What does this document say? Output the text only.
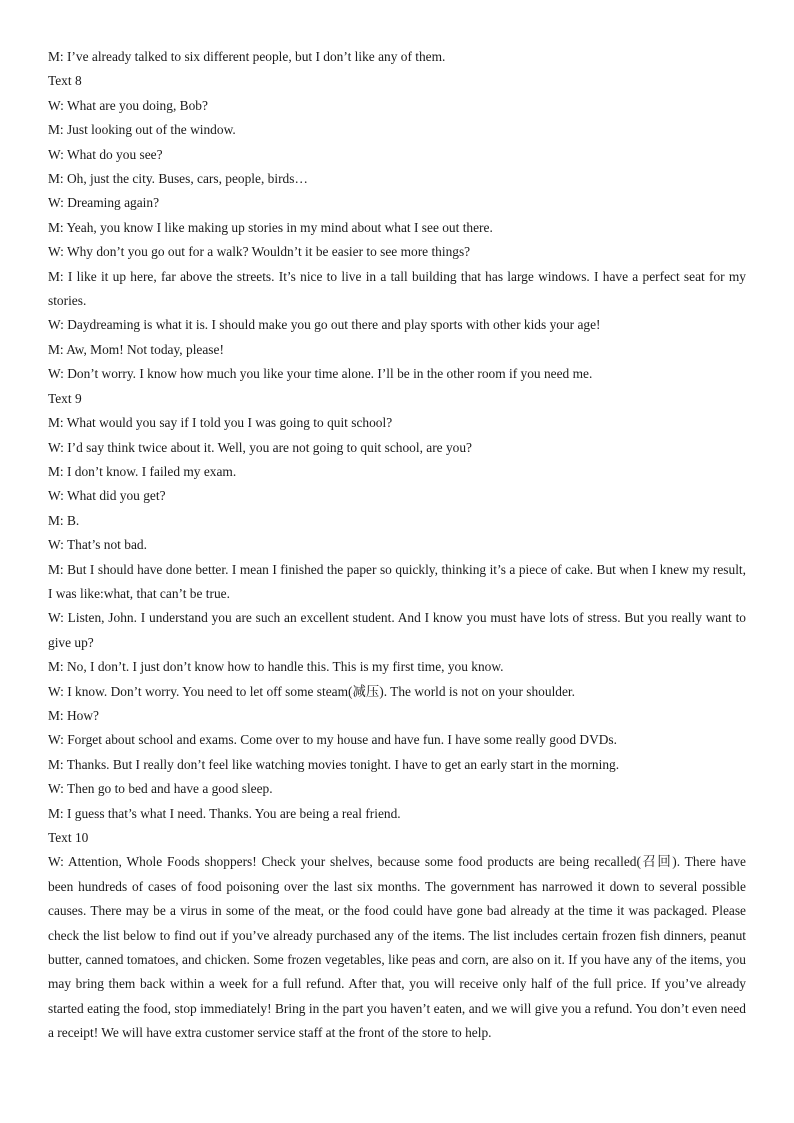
M: I’ve already talked to six different people, but I don’t like any of them.
Text 8
W: What are you doing, Bob?
M: Just looking out of the window.
W: What do you see?
M: Oh, just the city. Buses, cars, people, birds…
W: Dreaming again?
M: Yeah, you know I like making up stories in my mind about what I see out there.
W: Why don’t you go out for a walk? Wouldn’t it be easier to see more things?
M: I like it up here, far above the streets. It’s nice to live in a tall building that has large windows. I have a perfect seat for my stories.
W: Daydreaming is what it is. I should make you go out there and play sports with other kids your age!
M: Aw, Mom! Not today, please!
W: Don’t worry. I know how much you like your time alone. I’ll be in the other room if you need me.
Text 9
M: What would you say if I told you I was going to quit school?
W: I’d say think twice about it. Well, you are not going to quit school, are you?
M: I don’t know. I failed my exam.
W: What did you get?
M: B.
W: That’s not bad.
M: But I should have done better. I mean I finished the paper so quickly, thinking it’s a piece of cake. But when I knew my result, I was like:what, that can’t be true.
W: Listen, John. I understand you are such an excellent student. And I know you must have lots of stress. But you really want to give up?
M: No, I don’t. I just don’t know how to handle this. This is my first time, you know.
W: I know. Don’t worry. You need to let off some steam(减压). The world is not on your shoulder.
M: How?
W: Forget about school and exams. Come over to my house and have fun. I have some really good DVDs.
M: Thanks. But I really don’t feel like watching movies tonight. I have to get an early start in the morning.
W: Then go to bed and have a good sleep.
M: I guess that’s what I need. Thanks. You are being a real friend.
Text 10
W: Attention, Whole Foods shoppers! Check your shelves, because some food products are being recalled(召回). There have been hundreds of cases of food poisoning over the last six months. The government has narrowed it down to several possible causes. There may be a virus in some of the meat, or the food could have gone bad already at the time it was packaged. Please check the list below to find out if you’ve already purchased any of the items. The list includes certain frozen fish dinners, peanut butter, canned tomatoes, and chicken. Some frozen vegetables, like peas and corn, are also on it. If you have any of the items, you may bring them back within a week for a full refund. After that, you will receive only half of the full price. If you’ve already started eating the food, stop immediately! Bring in the part you haven’t eaten, and we will give you a refund. You don’t even need a receipt! We will have extra customer service staff at the front of the store to help.
